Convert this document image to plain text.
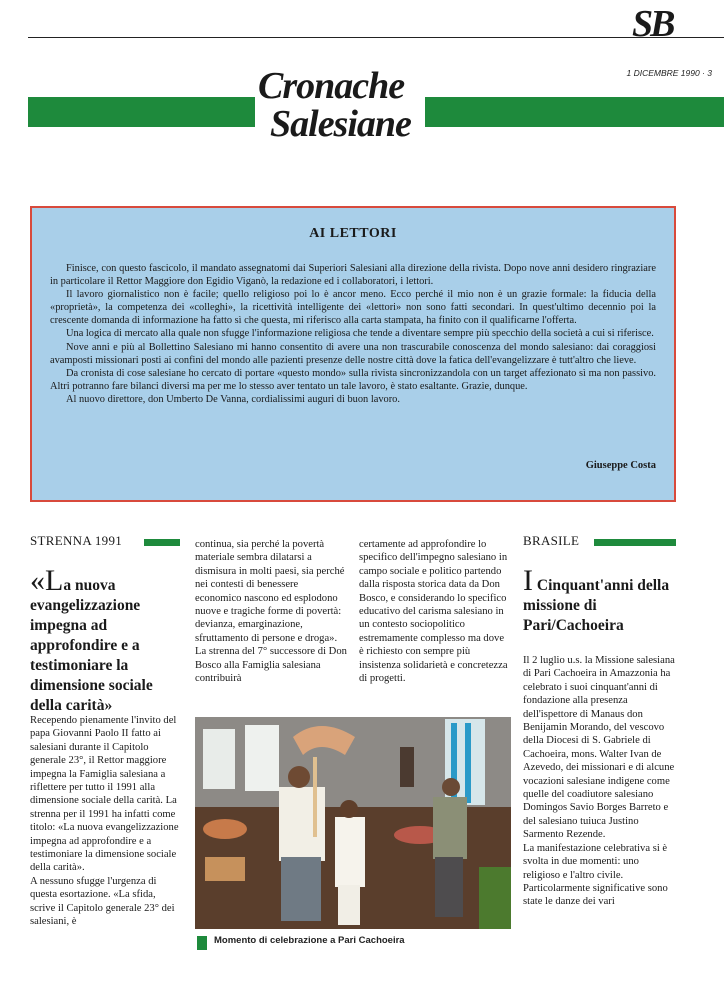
SB
1 DICEMBRE 1990 · 3
Cronache
Salesiane
AI LETTORI

Finisce, con questo fascicolo, il mandato assegnatomi dai Superiori Salesiani alla direzione della rivista. Dopo nove anni desidero ringraziare in particolare il Rettor Maggiore don Egidio Viganò, la redazione ed i collaboratori, i lettori.

Il lavoro giornalistico non è facile; quello religioso poi lo è ancor meno. Ecco perché il mio non è un grazie formale: la fiducia della «proprietà», la competenza dei «colleghi», la ricettività intelligente dei «lettori» non sono fatti secondari. In quest'ultimo decennio poi la crescente domanda di informazione ha fatto sì che questa, mi riferisco alla carta stampata, ha finito con il qualificarne l'offerta.

Una logica di mercato alla quale non sfugge l'informazione religiosa che tende a diventare sempre più specchio della società a cui si riferisce.

Nove anni e più al Bollettino Salesiano mi hanno consentito di avere una non trascurabile conoscenza del mondo salesiano: dai coraggiosi avamposti missionari posti ai confini del mondo alle pazienti presenze delle nostre città dove la fatica dell'evangelizzare è tutt'altro che lieve.

Da cronista di cose salesiane ho cercato di portare «questo mondo» sulla rivista sincronizzandola con un target affezionato sì ma non passivo. Altri potranno fare bilanci diversi ma per me lo stesso aver tentato un tale lavoro, è stato esaltante. Grazie, dunque.

Al nuovo direttore, don Umberto De Vanna, cordialissimi auguri di buon lavoro.

Giuseppe Costa
STRENNA 1991
«La nuova evangelizzazione impegna ad approfondire e a testimoniare la dimensione sociale della carità»

Recependo pienamente l'invito del papa Giovanni Paolo II fatto ai salesiani durante il Capitolo generale 23°, il Rettor maggiore impegna la Famiglia salesiana a riflettere per tutto il 1991 alla dimensione sociale della carità. La strenna per il 1991 ha infatti come titolo: «La nuova evangelizzazione impegna ad approfondire e a testimoniare la dimensione sociale della carità».

A nessuno sfugge l'urgenza di questa esortazione. «La sfida, scrive il Capitolo generale 23° dei salesiani, è

continua, sia perché la povertà materiale sembra dilatarsi a dismisura in molti paesi, sia perché nei contesti di benessere economico nascono ed esplodono nuove e tragiche forme di povertà: devianza, emarginazione, sfruttamento di persone e droga».

La strenna del 7° successore di Don Bosco alla Famiglia salesiana contribuirà

certamente ad approfondire lo specifico dell'impegno salesiano in campo sociale e politico partendo dalla risposta storica data da Don Bosco, e considerando lo specifico educativo del carisma salesiano in un contesto sociopolitico estremamente complesso ma dove è richiesto con sempre più insistenza solidarietà e concretezza di progetti.

Momento di celebrazione a Pari Cachoeira
BRASILE
I Cinquant'anni della missione di Pari/Cachoeira

Il 2 luglio u.s. la Missione salesiana di Pari Cachoeira in Amazzonia ha celebrato i suoi cinquant'anni di fondazione alla presenza dell'ispettore di Manaus don Benijamin Morando, del vescovo della Diocesi di S. Gabriele di Cachoeira, mons. Walter Ivan de Azevedo, dei missionari e di alcune vocazioni salesiane indigene come quelle del coadiutore salesiano Domingos Savio Borges Barreto e del salesiano tuiuca Justino Sarmento Rezende.

La manifestazione celebrativa si è svolta in due momenti: uno religioso e l'altro civile.

Particolarmente significative sono state le danze dei vari
